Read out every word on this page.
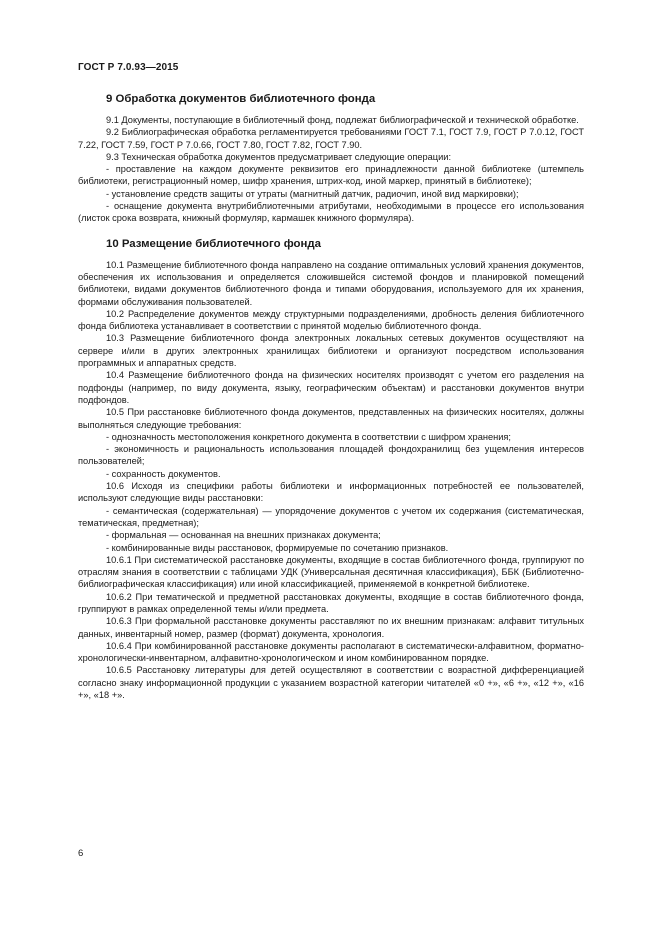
ГОСТ Р 7.0.93—2015
9 Обработка документов библиотечного фонда

9.1 Документы, поступающие в библиотечный фонд, подлежат библиографической и технической обработке.

9.2 Библиографическая обработка регламентируется требованиями ГОСТ 7.1, ГОСТ 7.9, ГОСТ Р 7.0.12, ГОСТ 7.22, ГОСТ 7.59, ГОСТ Р 7.0.66, ГОСТ 7.80, ГОСТ 7.82, ГОСТ 7.90.

9.3 Техническая обработка документов предусматривает следующие операции:

- проставление на каждом документе реквизитов его принадлежности данной библиотеке (штемпель библиотеки, регистрационный номер, шифр хранения, штрих-код, иной маркер, принятый в библиотеке);

- установление средств защиты от утраты (магнитный датчик, радиочип, иной вид маркировки);

- оснащение документа внутрибиблиотечными атрибутами, необходимыми в процессе его использования (листок срока возврата, книжный формуляр, кармашек книжного формуляра).

10 Размещение библиотечного фонда

10.1 Размещение библиотечного фонда направлено на создание оптимальных условий хранения документов, обеспечения их использования и определяется сложившейся системой фондов и планировкой помещений библиотеки, видами документов библиотечного фонда и типами оборудования, используемого для их хранения, формами обслуживания пользователей.

10.2 Распределение документов между структурными подразделениями, дробность деления библиотечного фонда библиотека устанавливает в соответствии с принятой моделью библиотечного фонда.

10.3 Размещение библиотечного фонда электронных локальных сетевых документов осуществляют на сервере и/или в других электронных хранилищах библиотеки и организуют посредством использования программных и аппаратных средств.

10.4 Размещение библиотечного фонда на физических носителях производят с учетом его разделения на подфонды (например, по виду документа, языку, географическим объектам) и расстановки документов внутри подфондов.

10.5 При расстановке библиотечного фонда документов, представленных на физических носителях, должны выполняться следующие требования:

- однозначность местоположения конкретного документа в соответствии с шифром хранения;

- экономичность и рациональность использования площадей фондохранилищ без ущемления интересов пользователей;

- сохранность документов.

10.6 Исходя из специфики работы библиотеки и информационных потребностей ее пользователей, используют следующие виды расстановки:

- семантическая (содержательная) — упорядочение документов с учетом их содержания (систематическая, тематическая, предметная);

- формальная — основанная на внешних признаках документа;

- комбинированные виды расстановок, формируемые по сочетанию признаков.

10.6.1 При систематической расстановке документы, входящие в состав библиотечного фонда, группируют по отраслям знания в соответствии с таблицами УДК (Универсальная десятичная классификация), ББК (Библиотечно-библиографическая классификация) или иной классификацией, применяемой в конкретной библиотеке.

10.6.2 При тематической и предметной расстановках документы, входящие в состав библиотечного фонда, группируют в рамках определенной темы и/или предмета.

10.6.3 При формальной расстановке документы расставляют по их внешним признакам: алфавит титульных данных, инвентарный номер, размер (формат) документа, хронология.

10.6.4 При комбинированной расстановке документы располагают в систематически-алфавитном, форматно-хронологически-инвентарном, алфавитно-хронологическом и ином комбинированном порядке.

10.6.5 Расстановку литературы для детей осуществляют в соответствии с возрастной дифференциацией согласно знаку информационной продукции с указанием возрастной категории читателей «0 +», «6 +», «12 +», «16 +», «18 +».

6
